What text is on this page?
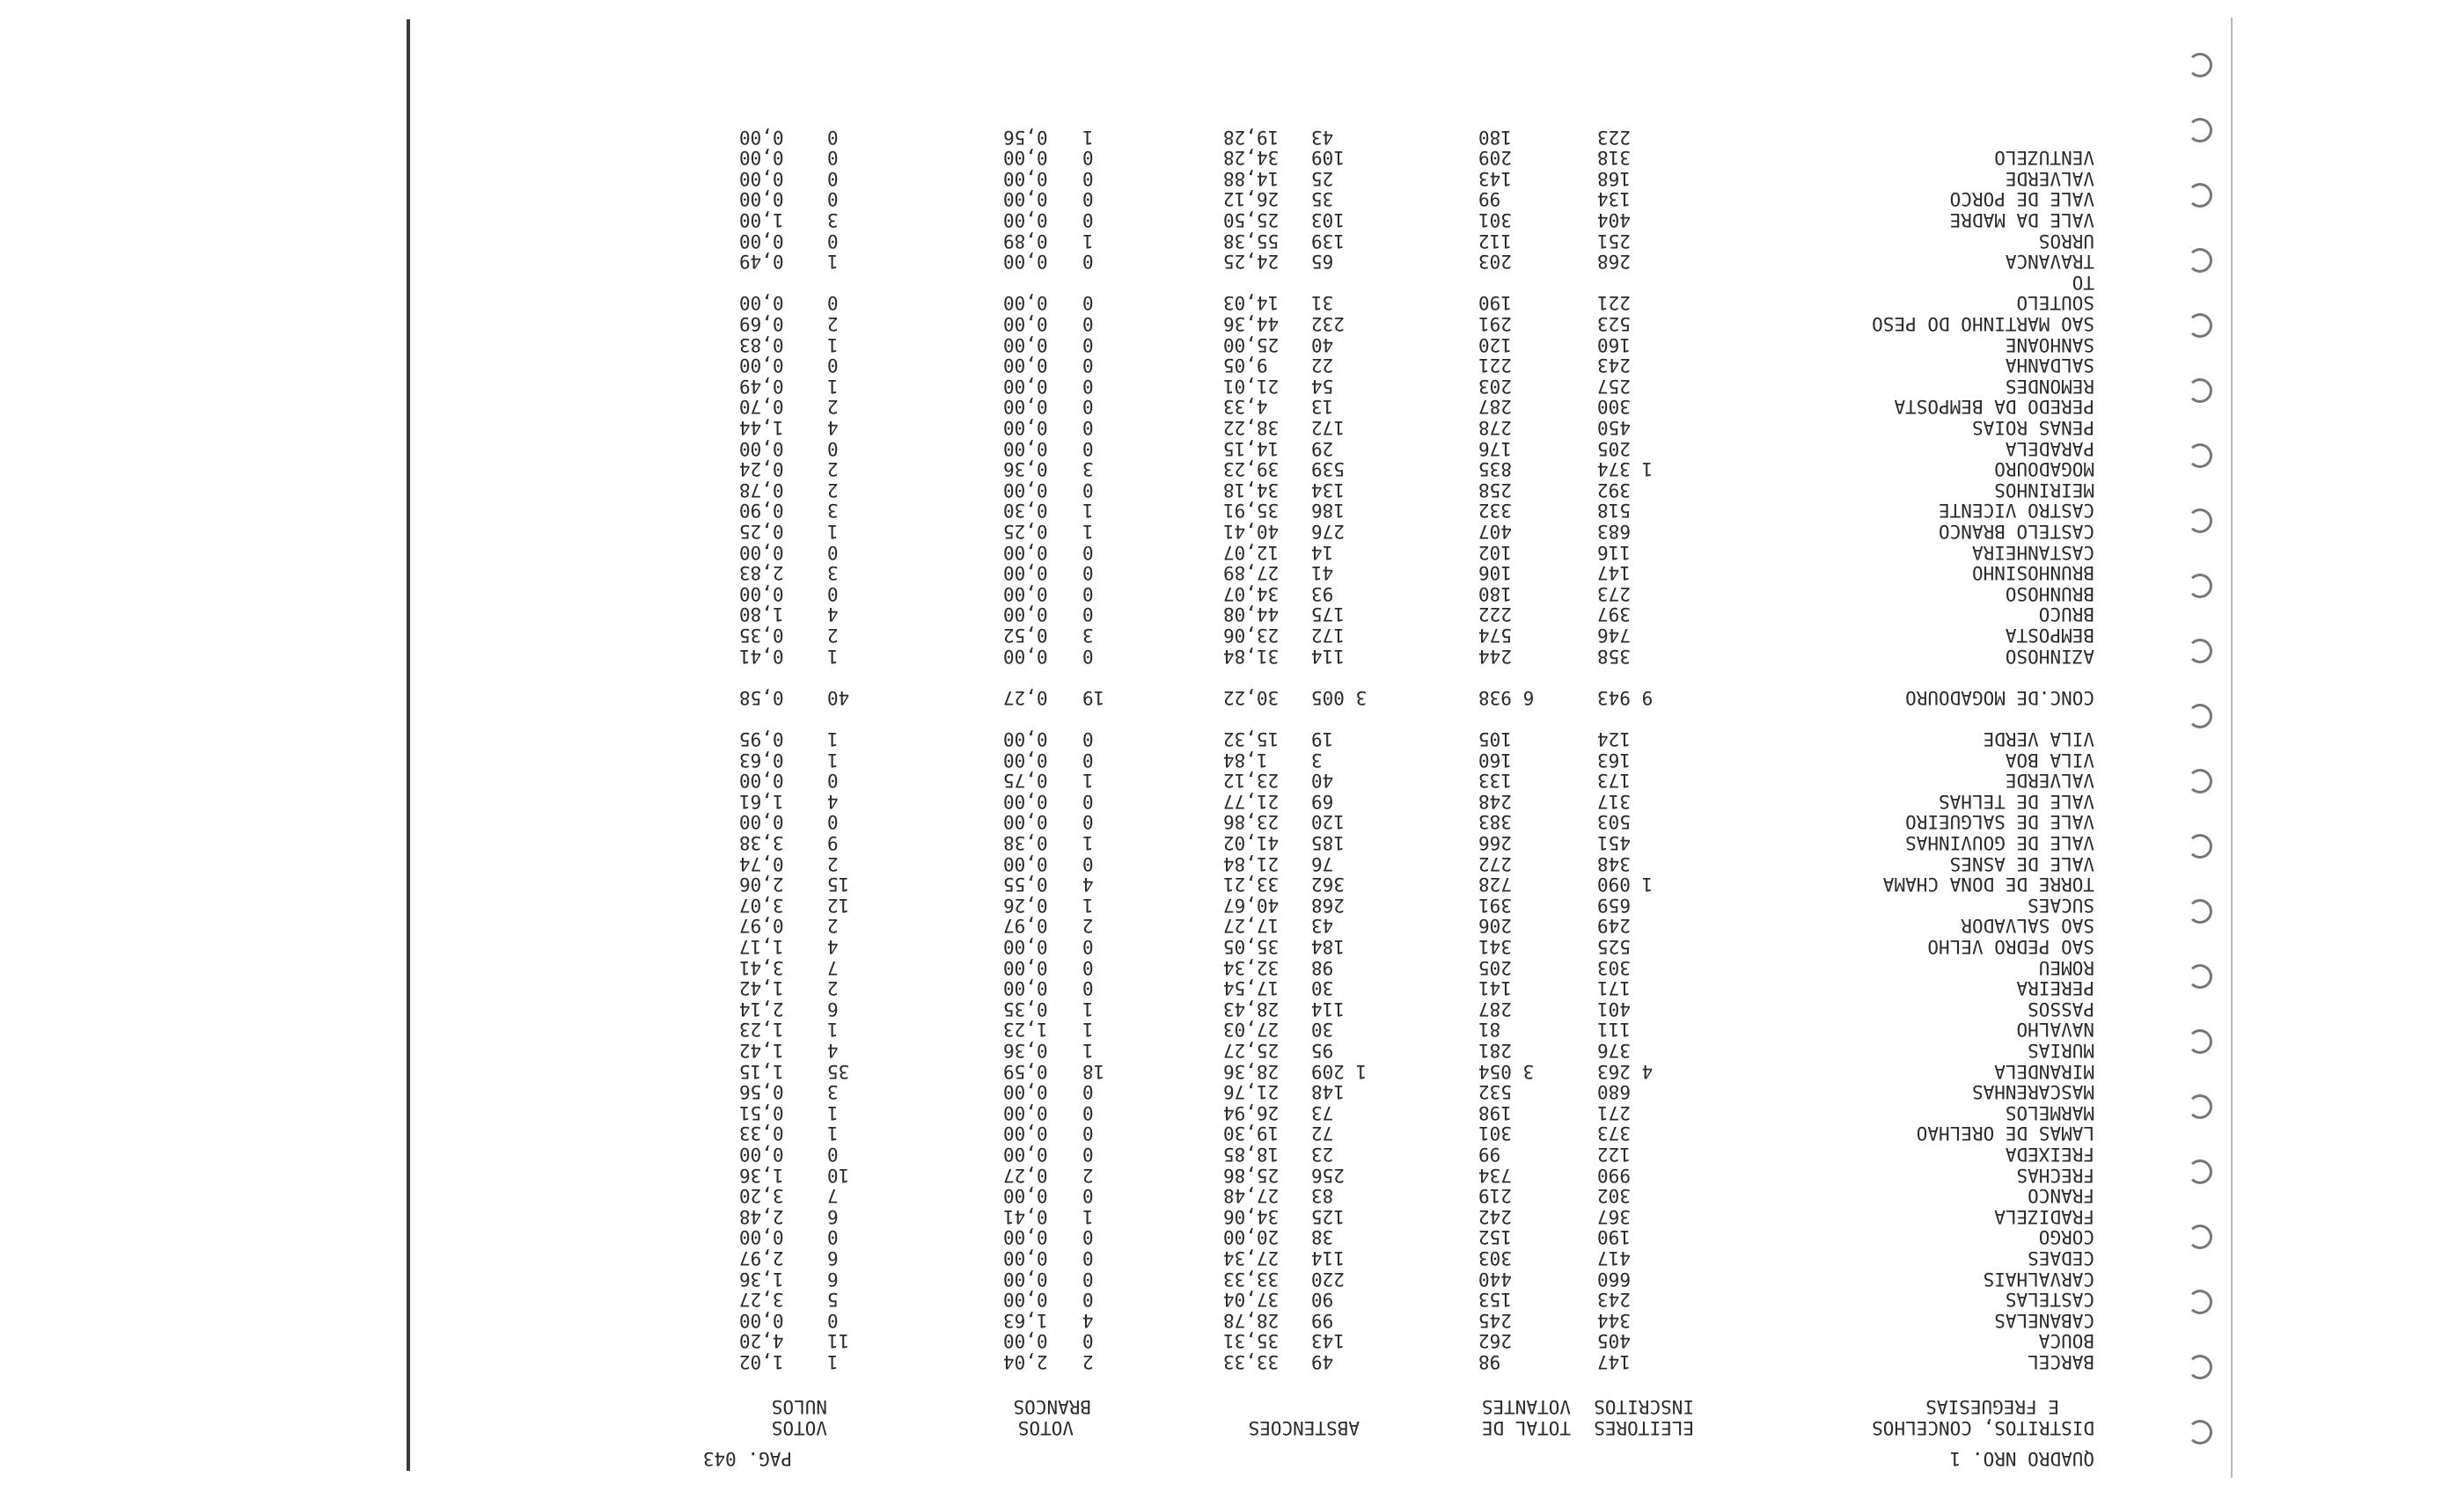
QUADRO NRO. 1
PAG. 043
DISTRITOS, CONCELHOS
E FREGUESIAS
ELEITORES
INSCRITOS
TOTAL DE
VOTANTES
ABSTENCOES
VOTOS
BRANCOS
VOTOS
NULOS
BARCEL
147
98
49
33,33
2
2,04
1
1,02
BOUCA
405
262
143
35,31
0
0,00
11
4,20
CABANELAS
344
245
99
28,78
4
1,63
0
0,00
CASTELAS
243
153
90
37,04
0
0,00
5
3,27
CARVALHAIS
660
440
220
33,33
0
0,00
6
1,36
CEDAES
417
303
114
27,34
0
0,00
6
2,97
CORGO
190
152
38
20,00
0
0,00
0
0,00
FRADIZELA
367
242
125
34,06
1
0,41
6
2,48
FRANCO
302
219
83
27,48
0
0,00
7
3,20
FRECHAS
990
734
256
25,86
2
0,27
10
1,36
FREIXEDA
122
99
23
18,85
0
0,00
0
0,00
LAMAS DE ORELHAO
373
301
72
19,30
0
0,00
1
0,33
MARMELOS
271
198
73
26,94
0
0,00
1
0,51
MASCARENHAS
680
532
148
21,76
0
0,00
3
0,56
MIRANDELA
4 263
3 054
1 209
28,36
18
0,59
35
1,15
MURIAS
376
281
95
25,27
1
0,36
4
1,42
NAVALHO
111
81
30
27,03
1
1,23
1
1,23
PASSOS
401
287
114
28,43
1
0,35
6
2,14
PEREIRA
171
141
30
17,54
0
0,00
2
1,42
ROMEU
303
205
98
32,34
0
0,00
7
3,41
SAO PEDRO VELHO
525
341
184
35,05
0
0,00
4
1,17
SAO SALVADOR
249
206
43
17,27
2
0,97
2
0,97
SUCAES
659
391
268
40,67
1
0,26
12
3,07
TORRE DE DONA CHAMA
1 090
728
362
33,21
4
0,55
15
2,06
VALE DE ASNES
348
272
76
21,84
0
0,00
2
0,74
VALE DE GOUVINHAS
451
266
185
41,02
1
0,38
9
3,38
VALE DE SALGUEIRO
503
383
120
23,86
0
0,00
0
0,00
VALE DE TELHAS
317
248
69
21,77
0
0,00
4
1,61
VALVERDE
173
133
40
23,12
1
0,75
0
0,00
VILA BOA
163
160
3
1,84
0
0,00
1
0,63
VILA VERDE
124
105
19
15,32
0
0,00
1
0,95
CONC.DE MOGADOURO
9 943
6 938
3 005
30,22
19
0,27
40
0,58
AZINHOSO
358
244
114
31,84
0
0,00
1
0,41
BEMPOSTA
746
574
172
23,06
3
0,52
2
0,35
BRUCO
397
222
175
44,08
0
0,00
4
1,80
BRUNHOSO
273
180
93
34,07
0
0,00
0
0,00
BRUNHOSINHO
147
106
41
27,89
0
0,00
3
2,83
CASTANHEIRA
116
102
14
12,07
0
0,00
0
0,00
CASTELO BRANCO
683
407
276
40,41
1
0,25
1
0,25
CASTRO VICENTE
518
332
186
35,91
1
0,30
3
0,90
MEIRINHOS
392
258
134
34,18
0
0,00
2
0,78
MOGADOURO
1 374
835
539
39,23
3
0,36
2
0,24
PARADELA
205
176
29
14,15
0
0,00
0
0,00
PENAS ROIAS
450
278
172
38,22
0
0,00
4
1,44
PEREDO DA BEMPOSTA
300
287
13
4,33
0
0,00
2
0,70
REMONDES
257
203
54
21,01
0
0,00
1
0,49
SALDANHA
243
221
22
9,05
0
0,00
0
0,00
SANHOANE
160
120
40
25,00
0
0,00
1
0,83
SAO MARTINHO DO PESO
523
291
232
44,36
0
0,00
2
0,69
SOUTELO
221
190
31
14,03
0
0,00
0
0,00
TO
TRAVANCA
268
203
65
24,25
0
0,00
1
0,49
URROS
251
112
139
55,38
1
0,89
0
0,00
VALE DA MADRE
404
301
103
25,50
0
0,00
3
1,00
VALE DE PORCO
134
99
35
26,12
0
0,00
0
0,00
VALVERDE
168
143
25
14,88
0
0,00
0
0,00
VENTUZELO
318
209
109
34,28
0
0,00
0
0,00
223
180
43
19,28
1
0,56
0
0,00
